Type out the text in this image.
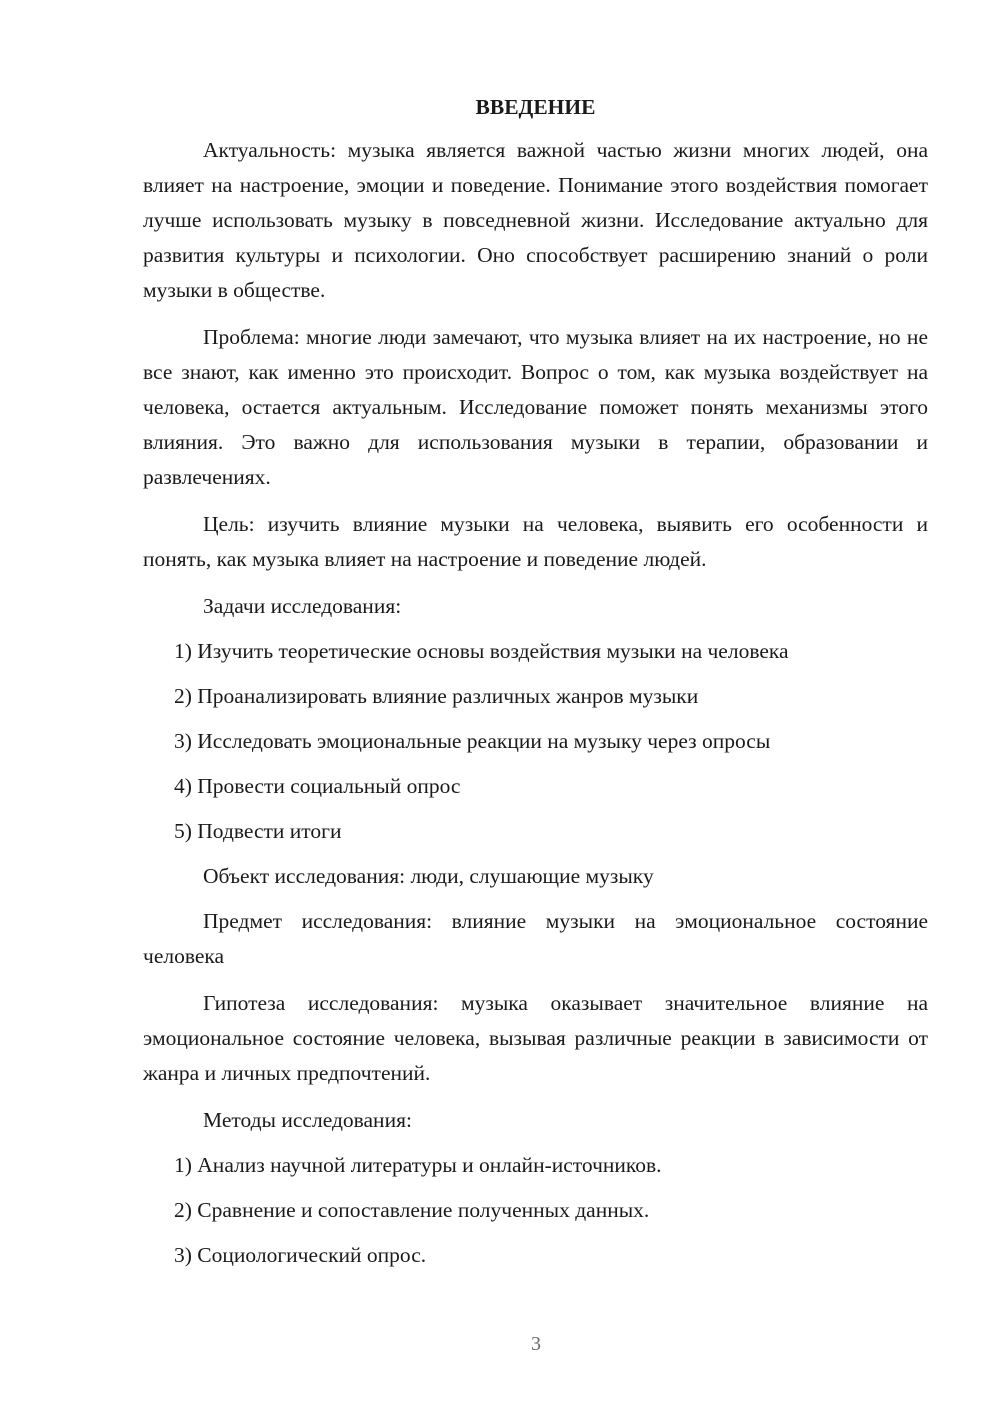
ВВЕДЕНИЕ

Актуальность: музыка является важной частью жизни многих людей, она влияет на настроение, эмоции и поведение. Понимание этого воздействия помогает лучше использовать музыку в повседневной жизни. Исследование актуально для развития культуры и психологии. Оно способствует расширению знаний о роли музыки в обществе.

Проблема: многие люди замечают, что музыка влияет на их настроение, но не все знают, как именно это происходит. Вопрос о том, как музыка воздействует на человека, остается актуальным. Исследование поможет понять механизмы этого влияния. Это важно для использования музыки в терапии, образовании и развлечениях.

Цель: изучить влияние музыки на человека, выявить его особенности и понять, как музыка влияет на настроение и поведение людей.

Задачи исследования:

1) Изучить теоретические основы воздействия музыки на человека
2) Проанализировать влияние различных жанров музыки
3) Исследовать эмоциональные реакции на музыку через опросы
4) Провести социальный опрос
5) Подвести итоги

Объект исследования: люди, слушающие музыку

Предмет исследования: влияние музыки на эмоциональное состояние человека

Гипотеза исследования: музыка оказывает значительное влияние на эмоциональное состояние человека, вызывая различные реакции в зависимости от жанра и личных предпочтений.

Методы исследования:

1) Анализ научной литературы и онлайн-источников.
2) Сравнение и сопоставление полученных данных.
3) Социологический опрос.
3
